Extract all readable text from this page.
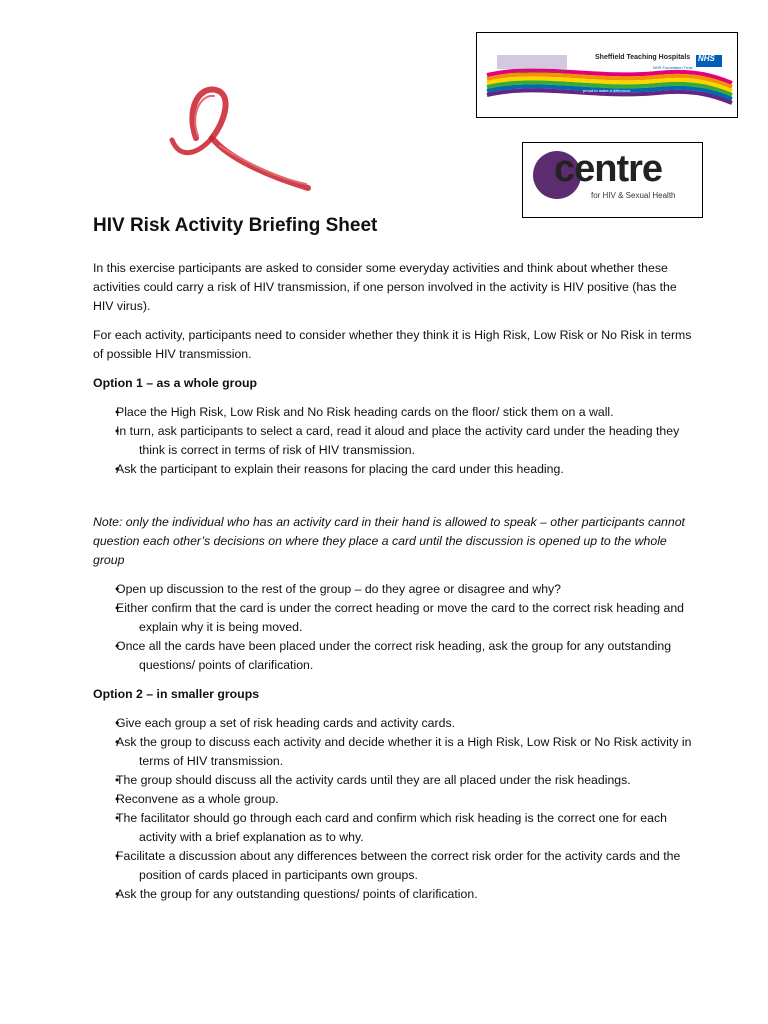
Sheffield Teaching Hospitals NHS
NHS Foundation Trust
in hospital and in the community
proud to make a difference
centre
for HIV & Sexual Health
HIV Risk Activity Briefing Sheet

In this exercise participants are asked to consider some everyday activities and think about whether these activities could carry a risk of HIV transmission, if one person involved in the activity is HIV positive (has the HIV virus).

For each activity, participants need to consider whether they think it is High Risk, Low Risk or No Risk in terms of possible HIV transmission.

Option 1 – as a whole group
• Place the High Risk, Low Risk and No Risk heading cards on the floor/ stick them on a wall.
• In turn, ask participants to select a card, read it aloud and place the activity card under the heading they think is correct in terms of risk of HIV transmission.
• Ask the participant to explain their reasons for placing the card under this heading.

Note: only the individual who has an activity card in their hand is allowed to speak – other participants cannot question each other’s decisions on where they place a card until the discussion is opened up to the whole group

• Open up discussion to the rest of the group – do they agree or disagree and why?
• Either confirm that the card is under the correct heading or move the card to the correct risk heading and explain why it is being moved.
• Once all the cards have been placed under the correct risk heading, ask the group for any outstanding questions/ points of clarification.
Option 2 – in smaller groups
• Give each group a set of risk heading cards and activity cards.
• Ask the group to discuss each activity and decide whether it is a High Risk, Low Risk or No Risk activity in terms of HIV transmission.
• The group should discuss all the activity cards until they are all placed under the risk headings.
• Reconvene as a whole group.
• The facilitator should go through each card and confirm which risk heading is the correct one for each activity with a brief explanation as to why.
• Facilitate a discussion about any differences between the correct risk order for the activity cards and the position of cards placed in participants own groups.
• Ask the group for any outstanding questions/ points of clarification.
